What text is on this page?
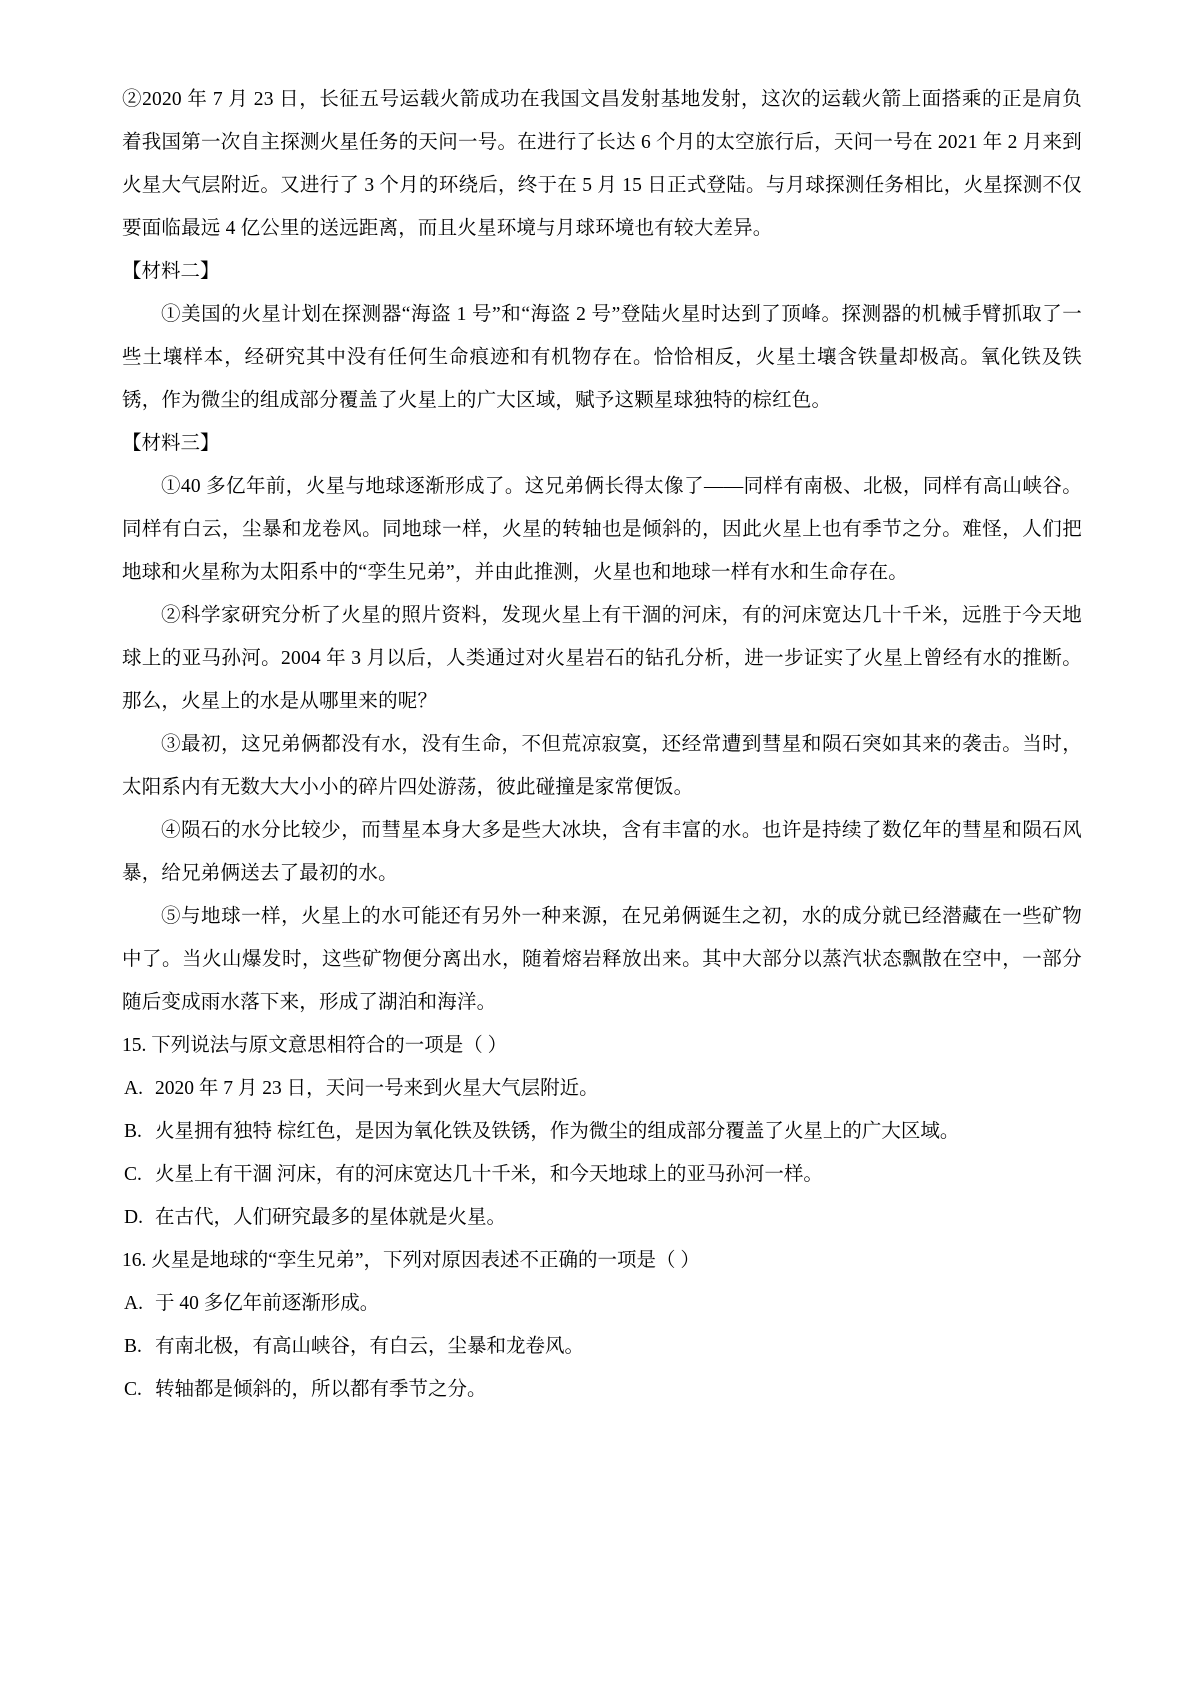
②2020 年 7 月 23 日，长征五号运载火箭成功在我国文昌发射基地发射，这次的运载火箭上面搭乘的正是肩负着我国第一次自主探测火星任务的天问一号。在进行了长达 6 个月的太空旅行后，天问一号在 2021 年 2 月来到火星大气层附近。又进行了 3 个月的环绕后，终于在 5 月 15 日正式登陆。与月球探测任务相比，火星探测不仅要面临最远 4 亿公里的送远距离，而且火星环境与月球环境也有较大差异。

【材料二】

①美国的火星计划在探测器“海盗 1 号”和“海盗 2 号”登陆火星时达到了顶峰。探测器的机械手臂抓取了一些土壤样本，经研究其中没有任何生命痕迹和有机物存在。恰恰相反，火星土壤含铁量却极高。氧化铁及铁锈，作为微尘的组成部分覆盖了火星上的广大区域，赋予这颗星球独特的棕红色。

【材料三】

①40 多亿年前，火星与地球逐渐形成了。这兄弟俩长得太像了——同样有南极、北极，同样有高山峡谷。同样有白云，尘暴和龙卷风。同地球一样，火星的转轴也是倾斜的，因此火星上也有季节之分。难怪，人们把地球和火星称为太阳系中的“孪生兄弟”，并由此推测，火星也和地球一样有水和生命存在。

②科学家研究分析了火星的照片资料，发现火星上有干涸的河床，有的河床宽达几十千米，远胜于今天地球上的亚马孙河。2004 年 3 月以后，人类通过对火星岩石的钻孔分析，进一步证实了火星上曾经有水的推断。那么，火星上的水是从哪里来的呢？

③最初，这兄弟俩都没有水，没有生命，不但荒凉寂寞，还经常遭到彗星和陨石突如其来的袭击。当时，太阳系内有无数大大小小的碎片四处游荡，彼此碰撞是家常便饭。

④陨石的水分比较少，而彗星本身大多是些大冰块，含有丰富的水。也许是持续了数亿年的彗星和陨石风暴，给兄弟俩送去了最初的水。

⑤与地球一样，火星上的水可能还有另外一种来源，在兄弟俩诞生之初，水的成分就已经潜藏在一些矿物中了。当火山爆发时，这些矿物便分离出水，随着熔岩释放出来。其中大部分以蒸汽状态飘散在空中，一部分随后变成雨水落下来，形成了湖泊和海洋。

15. 下列说法与原文意思相符合的一项是（ ）

A. 2020 年 7 月 23 日，天问一号来到火星大气层附近。

B. 火星拥有独特 棕红色，是因为氧化铁及铁锈，作为微尘的组成部分覆盖了火星上的广大区域。

C. 火星上有干涸 河床，有的河床宽达几十千米，和今天地球上的亚马孙河一样。

D. 在古代，人们研究最多的星体就是火星。

16. 火星是地球的“孪生兄弟”，下列对原因表述不正确的一项是（ ）

A. 于 40 多亿年前逐渐形成。

B. 有南北极，有高山峡谷，有白云，尘暴和龙卷风。

C. 转轴都是倾斜的，所以都有季节之分。
